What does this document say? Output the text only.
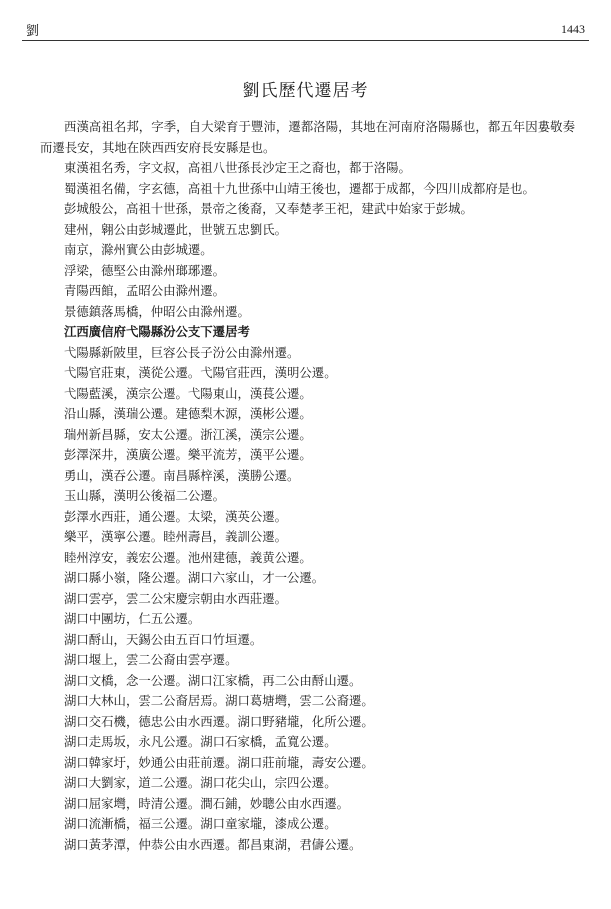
劉	1443
劉氏歷代遷居考

西漢高祖名邦，字季，自大梁育于豐沛，遷都洛陽，其地在河南府洛陽縣也，都五年因婁敬奏而遷長安，其地在陝西西安府長安縣是也。

東漢祖名秀，字文叔，高祖八世孫長沙定王之裔也，都于洛陽。

蜀漢祖名備，字玄德，高祖十九世孫中山靖王後也，遷都于成都，今四川成都府是也。

彭城般公，高祖十世孫，景帝之後裔，又奉楚孝王祀，建武中始家于彭城。

建州，翱公由彭城遷此，世號五忠劉氏。

南京，滁州實公由彭城遷。

浮梁，德堅公由滁州瑯琊遷。

青陽西館，孟昭公由滁州遷。

景德鎮落馬橋，仲昭公由滁州遷。

江西廣信府弋陽縣汾公支下遷居考

弋陽縣新陂里，巨容公長子汾公由滁州遷。

弋陽官莊東，漢從公遷。弋陽官莊西，漢明公遷。

弋陽藍溪，漢宗公遷。弋陽東山，漢萇公遷。

沿山縣，漢瑞公遷。建德梨木源，漢彬公遷。

瑞州新昌縣，安太公遷。浙江溪，漢宗公遷。

彭澤深井，漢廣公遷。樂平流芳，漢平公遷。

勇山，漢吞公遷。南昌縣梓溪，漢勝公遷。

玉山縣，漢明公後福二公遷。

彭澤水西莊，通公遷。太梁，漢英公遷。

樂平，漢寧公遷。睦州壽昌，義訓公遷。

睦州淳安，義宏公遷。池州建德，義黄公遷。

湖口縣小嶺，隆公遷。湖口六家山，才一公遷。

湖口雲亭，雲二公宋慶宗朝由水西莊遷。

湖口中團坊，仁五公遷。

湖口酹山，天錫公由五百口竹垣遷。

湖口堰上，雲二公裔由雲亭遷。

湖口文橋，念一公遷。湖口江家橋，再二公由酹山遷。

湖口大林山，雲二公裔居焉。湖口葛塘壪，雲二公裔遷。

湖口交石機，德忠公由水西遷。湖口野豬壠，化所公遷。

湖口走馬坂，永凡公遷。湖口石家橋，孟寬公遷。

湖口韓家圩，妙通公由莊前遷。湖口莊前壠，壽安公遷。

湖口大劉家，道二公遷。湖口花尖山，宗四公遷。

湖口屈家壪，時清公遷。澗石鋪，妙聰公由水西遷。

湖口流漸橋，福三公遷。湖口童家壠，漆成公遷。

湖口黃茅潭，仲恭公由水西遷。都昌東湖，君儔公遷。
